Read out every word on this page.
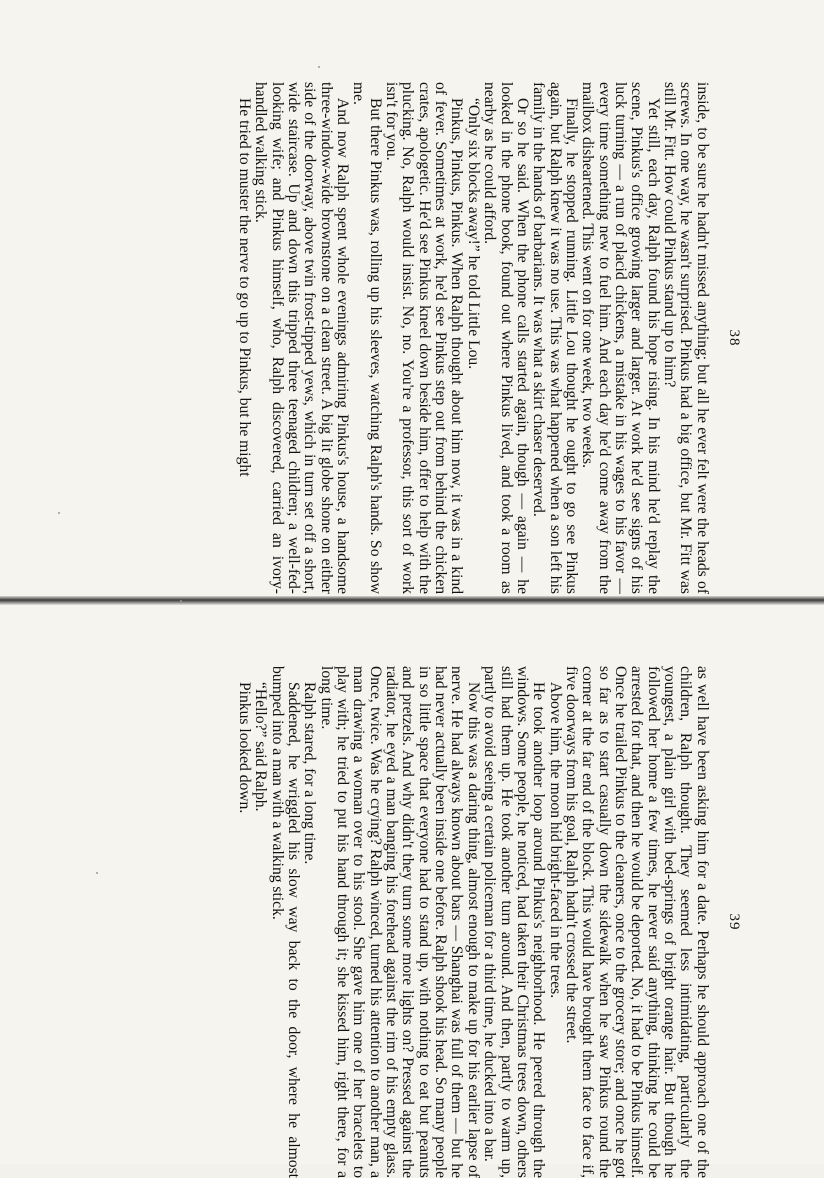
38

inside, to be sure he hadn't missed anything; but all he ever felt were the heads of screws. In one way, he wasn't surprised. Pinkus had a big office, but Mr. Fitt was still Mr. Fitt. How could Pinkus stand up to him?

Yet still, each day, Ralph found his hope rising. In his mind he'd replay the scene, Pinkus's office growing larger and larger. At work he'd see signs of his luck turning — a run of placid chickens, a mistake in his wages to his favor — every time something new to fuel him. And each day he'd come away from the mailbox disheartened. This went on for one week, two weeks.

Finally, he stopped running. Little Lou thought he ought to go see Pinkus again, but Ralph knew it was no use. This was what happened when a son left his family in the hands of barbarians. It was what a skirt chaser deserved.

Or so he said. When the phone calls started again, though — again — he looked in the phone book, found out where Pinkus lived, and took a room as nearby as he could afford.

“Only six blocks away!” he told Little Lou.

Pinkus, Pinkus, Pinkus. When Ralph thought about him now, it was in a kind of fever. Sometimes at work, he'd see Pinkus step out from behind the chicken crates, apologetic. He'd see Pinkus kneel down beside him, offer to help with the plucking. No, Ralph would insist. No, no. You're a professor, this sort of work isn't for you.

But there Pinkus was, rolling up his sleeves, watching Ralph's hands. So show me.

And now Ralph spent whole evenings admiring Pinkus's house, a handsome three-window-wide brownstone on a clean street. A big lit globe shone on either side of the doorway, above twin frost-tipped yews, which in turn set off a short, wide staircase. Up and down this tripped three teenaged children; a well-fed-looking wife; and Pinkus himself, who, Ralph discovered, carried an ivory-handled walking stick.

He tried to muster the nerve to go up to Pinkus, but he might

39

as well have been asking him for a date. Perhaps he should approach one of the children, Ralph thought. They seemed less intimidating, particularly the youngest, a plain girl with bed-springs of bright orange hair. But though he followed her home a few times, he never said anything, thinking he could be arrested for that, and then he would be deported. No, it had to be Pinkus himself. Once he trailed Pinkus to the cleaners, once to the grocery store; and once he got so far as to start casually down the sidewalk when he saw Pinkus round the corner at the far end of the block. This would have brought them face to face if, five doorways from his goal, Ralph hadn't crossed the street.

Above him, the moon hid bright-faced in the trees.

He took another loop around Pinkus's neighborhood. He peered through the windows. Some people, he noticed, had taken their Christmas trees down, others still had them up. He took another turn around. And then, partly to warm up, partly to avoid seeing a certain policeman for a third time, he ducked into a bar.

Now this was a daring thing, almost enough to make up for his earlier lapse of nerve. He had always known about bars — Shanghai was full of them — but he had never actually been inside one before. Ralph shook his head. So many people in so little space that everyone had to stand up, with nothing to eat but peanuts and pretzels. And why didn't they turn some more lights on? Pressed against the radiator, he eyed a man banging his forehead against the rim of his empty glass. Once, twice. Was he crying? Ralph winced, turned his attention to another man, a man drawing a woman over to his stool. She gave him one of her bracelets to play with; he tried to put his hand through it; she kissed him, right there, for a long time.

Ralph stared, for a long time.

Saddened, he wriggled his slow way back to the door, where he almost bumped into a man with a walking stick.

“Hello?” said Ralph.

Pinkus looked down.
